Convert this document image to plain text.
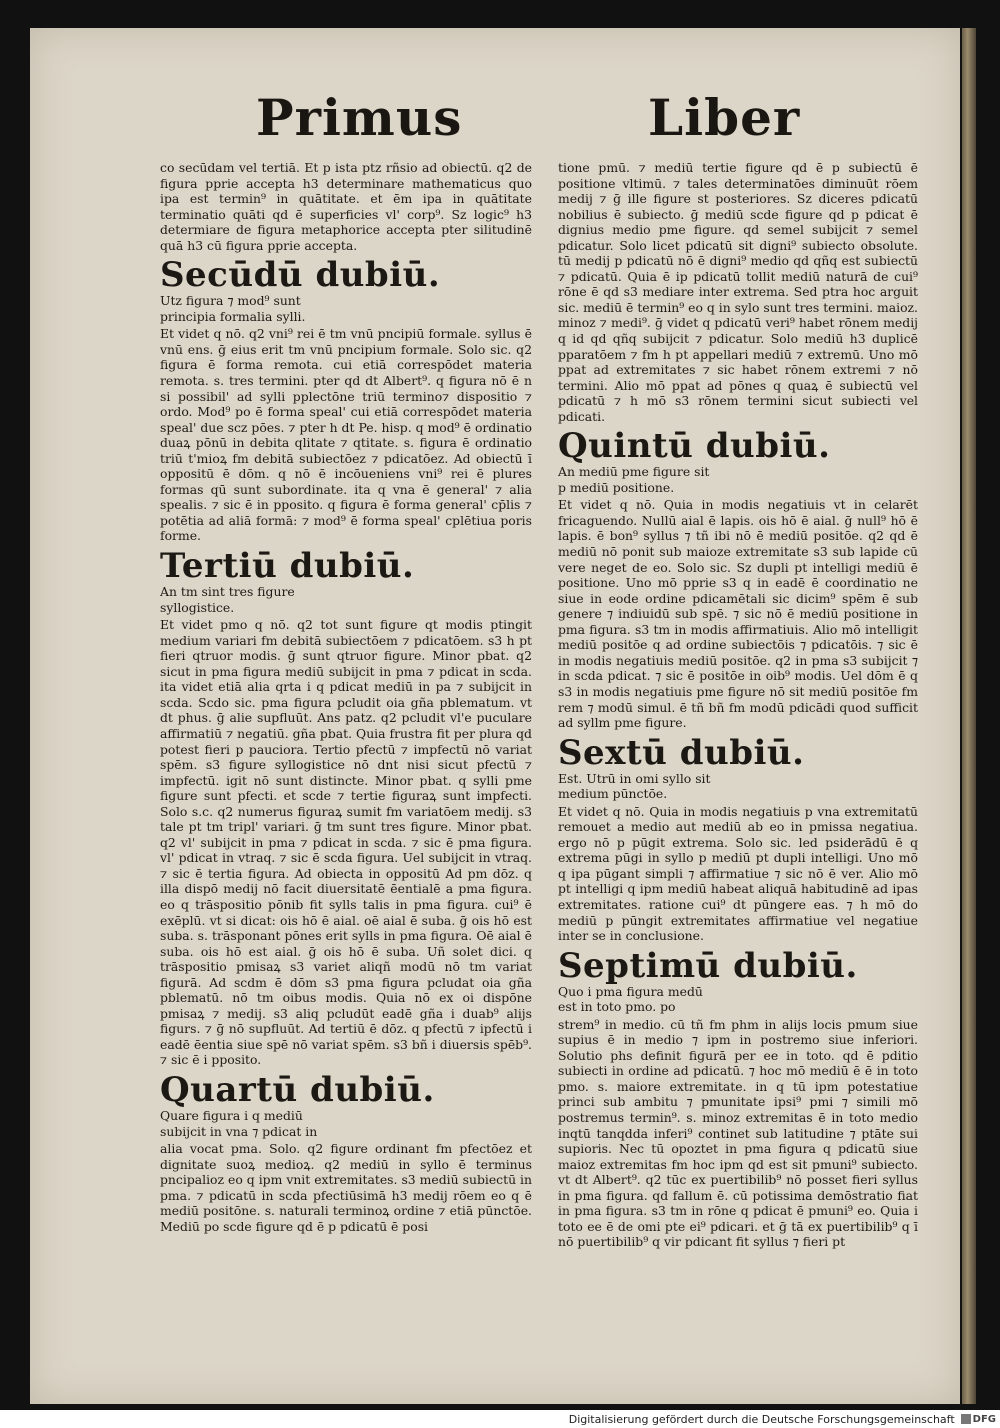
Primus	Liber

co secūdam vel tertiā. Et p ista ptz rñsio ad obiectū. q2 de figura pprie accepta h3 determinare mathematicus quo ipa est termin⁹ in quātitate. et ēm ipa in quātitate terminatio quāti qd ē superficies vl' corp⁹. Sz logic⁹ h3 determiare de figura metaphorice accepta pter silitudinē quā h3 cū figura pprie accepta.

Secūdū dubiū.Utz figura ⁊ mod⁹ sunt principia formalia sylli.

Et videt q nō. q2 vni⁹ rei ē tm vnū pncipiū formale. syllus ē vnū ens. ḡ eius erit tm vnū pncipium formale. Solo sic. q2 figura ē forma remota. cui etiā correspōdet materia remota. s. tres termini. pter qd dt Albert⁹. q figura nō ē n si possibil' ad sylli pplectōne triū termino⁊ dispositio ⁊ ordo. Mod⁹ po ē forma speal' cui etiā correspōdet materia speal' due scz pōes. ⁊ pter h dt Pe. hisp. q mod⁹ ē ordinatio duaꝝ pōnū in debita qlitate ⁊ qtitate. s. figura ē ordinatio triū t'mioꝝ fm debitā subiectōez ⁊ pdicatōez. Ad obiectū ī oppositū ē dōm. q nō ē incōueniens vni⁹ rei ē plures formas qū sunt subordinate. ita q vna ē general' ⁊ alia spealis. ⁊ sic ē in pposito. q figura ē forma general' cp̄lis ⁊ potētia ad aliā formā: ⁊ mod⁹ ē forma speal' cplētiua poris forme.

Tertiū dubiū.An tm sint tres figure syllogistice.

Et videt pmo q nō. q2 tot sunt figure qt modis ptingit medium variari fm debitā subiectōem ⁊ pdicatōem. s3 h pt fieri qtruor modis. ḡ sunt qtruor figure. Minor pbat. q2 sicut in pma figura mediū subijcit in pma ⁊ pdicat in scda. ita videt etiā alia qrta i q pdicat mediū in pa ⁊ subijcit in scda. Scdo sic. pma figura pcludit oia gña pblematum. vt dt phus. ḡ alie supfluūt. Ans patz. q2 pcludit vl'e puculare affirmatiū ⁊ negatiū. gña pbat. Quia frustra fit per plura qd potest fieri p pauciora. Tertio pfectū ⁊ impfectū nō variat spēm. s3 figure syllogistice nō dnt nisi sicut pfectū ⁊ impfectū. igit nō sunt distincte. Minor pbat. q sylli pme figure sunt pfecti. et scde ⁊ tertie figuraꝝ sunt impfecti. Solo s.c. q2 numerus figuraꝝ sumit fm variatōem medij. s3 tale pt tm tripl' variari. ḡ tm sunt tres figure. Minor pbat. q2 vl' subijcit in pma ⁊ pdicat in scda. ⁊ sic ē pma figura. vl' pdicat in vtraq. ⁊ sic ē scda figura. Uel subijcit in vtraq. ⁊ sic ē tertia figura. Ad obiecta in oppositū Ad pm dōz. q illa dispō medij nō facit diuersitatē ēentialē a pma figura. eo q trāspositio pōnib fit sylls talis in pma figura. cui⁹ ē exēplū. vt si dicat: ois hō ē aial. oē aial ē suba. ḡ ois hō est suba. s. trāsponant pōnes erit sylls in pma figura. Oē aial ē suba. ois hō est aial. ḡ ois hō ē suba. Uñ solet dici. q trāspositio pmisaꝝ s3 variet aliqñ modū nō tm variat figurā. Ad scdm ē dōm s3 pma figura pcludat oia gña pblematū. nō tm oibus modis. Quia nō ex oi dispōne pmisaꝝ ⁊ medij. s3 aliq pcludūt eadē gña i duab⁹ alijs figurs. ⁊ ḡ nō supfluūt. Ad tertiū ē dōz. q pfectū ⁊ ipfectū i eadē ēentia siue spē nō variat spēm. s3 bñ i diuersis spēb⁹. ⁊ sic ē i pposito.

Quartū dubiū.Quare figura i q mediū subijcit in vna ⁊ pdicat in

alia vocat pma. Solo. q2 figure ordinant fm pfectōez et dignitate suoꝝ medioꝝ. q2 mediū in syllo ē terminus pncipalioz eo q ipm vnit extremitates. s3 mediū subiectū in pma. ⁊ pdicatū in scda pfectiūsimā h3 medij rōem eo q ē mediū positōne. s. naturali terminoꝝ ordine ⁊ etiā pūnctōe. Mediū po scde figure qd ē p pdicatū ē posi

tione pmū. ⁊ mediū tertie figure qd ē p subiectū ē positione vltimū. ⁊ tales determinatōes diminuūt rōem medij ⁊ ḡ ille figure st posteriores. Sz diceres pdicatū nobilius ē subiecto. ḡ mediū scde figure qd p pdicat ē dignius medio pme figure. qd semel subijcit ⁊ semel pdicatur. Solo licet pdicatū sit digni⁹ subiecto obsolute. tū medij p pdicatū nō ē digni⁹ medio qd qñq est subiectū ⁊ pdicatū. Quia ē ip pdicatū tollit mediū naturā de cui⁹ rōne ē qd s3 mediare inter extrema. Sed ptra hoc arguit sic. mediū ē termin⁹ eo q in sylo sunt tres termini. maioz. minoz ⁊ medi⁹. ḡ videt q pdicatū veri⁹ habet rōnem medij q id qd qñq subijcit ⁊ pdicatur. Solo mediū h3 duplicē pparatōem ⁊ fm h pt appellari mediū ⁊ extremū. Uno mō ppat ad extremitates ⁊ sic habet rōnem extremi ⁊ nō termini. Alio mō ppat ad pōnes q quaꝝ ē subiectū vel pdicatū ⁊ h mō s3 rōnem termini sicut subiecti vel pdicati.

Quintū dubiū.An mediū pme figure sit p mediū positione.

Et videt q nō. Quia in modis negatiuis vt in celarēt fricaguendo. Nullū aial ē lapis. ois hō ē aial. ḡ null⁹ hō ē lapis. ē bon⁹ syllus ⁊ tñ ibi nō ē mediū positōe. q2 qd ē mediū nō ponit sub maioze extremitate s3 sub lapide cū vere neget de eo. Solo sic. Sz dupli pt intelligi mediū ē positione. Uno mō pprie s3 q in eadē ē coordinatio ne siue in eode ordine pdicamētali sic dicim⁹ spēm ē sub genere ⁊ indiuidū sub spē. ⁊ sic nō ē mediū positione in pma figura. s3 tm in modis affirmatiuis. Alio mō intelligit mediū positōe q ad ordine subiectōis ⁊ pdicatōis. ⁊ sic ē in modis negatiuis mediū positōe. q2 in pma s3 subijcit ⁊ in scda pdicat. ⁊ sic ē positōe in oib⁹ modis. Uel dōm ē q s3 in modis negatiuis pme figure nō sit mediū positōe fm rem ⁊ modū simul. ē tñ bñ fm modū pdicādi quod sufficit ad syllm pme figure.

Sextū dubiū.Est. Utrū in omi syllo sit medium pūnctōe.

Et videt q nō. Quia in modis negatiuis p vna extremitatū remouet a medio aut mediū ab eo in pmissa negatiua. ergo nō p pūgit extrema. Solo sic. led psiderādū ē q extrema pūgi in syllo p mediū pt dupli intelligi. Uno mō q ipa pūgant simpli ⁊ affirmatiue ⁊ sic nō ē ver. Alio mō pt intelligi q ipm mediū habeat aliquā habitudinē ad ipas extremitates. ratione cui⁹ dt pūngere eas. ⁊ h mō do mediū p pūngit extremitates affirmatiue vel negatiue inter se in conclusione.

Septimū dubiū.Quo i pma figura medū est in toto pmo. po

strem⁹ in medio. cū tñ fm phm in alijs locis pmum siue supius ē in medio ⁊ ipm in postremo siue inferiori. Solutio phs definit figurā per ee in toto. qd ē pditio subiecti in ordine ad pdicatū. ⁊ hoc mō mediū ē ē in toto pmo. s. maiore extremitate. in q tū ipm potestatiue princi sub ambitu ⁊ pmunitate ipsi⁹ pmi ⁊ simili mō postremus termin⁹. s. minoz extremitas ē in toto medio inqtū tanqdda inferi⁹ continet sub latitudine ⁊ ptāte sui supioris. Nec tū opoztet in pma figura q pdicatū siue maioz extremitas fm hoc ipm qd est sit pmuni⁹ subiecto. vt dt Albert⁹. q2 tūc ex puertibilib⁹ nō posset fieri syllus in pma figura. qd fallum ē. cū potissima demōstratio fiat in pma figura. s3 tm in rōne q pdicat ē pmuni⁹ eo. Quia i toto ee ē de omi pte ei⁹ pdicari. et ḡ tā ex puertibilib⁹ q ī nō puertibilib⁹ q vir pdicant fit syllus ⁊ fieri pt

Digitalisierung gefördert durch die Deutsche Forschungsgemeinschaft	DFG
